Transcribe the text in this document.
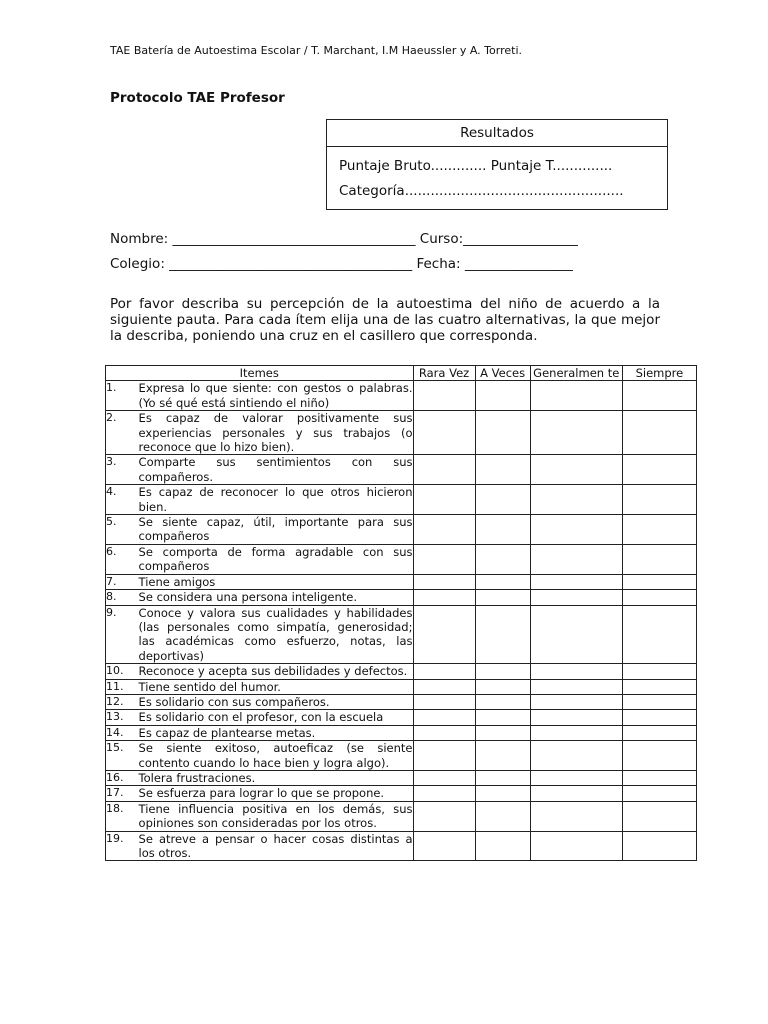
TAE Batería de Autoestima Escolar / T. Marchant, I.M Haeussler y A. Torreti.
Protocolo TAE Profesor
Resultados
Puntaje Bruto............. Puntaje T..............
Categoría...................................................
Nombre: ____________________________________ Curso:_________________
Colegio: ____________________________________ Fecha: ________________
Por favor describa su percepción de la autoestima del niño de acuerdo a la siguiente pauta. Para cada ítem elija una de las cuatro alternativas, la que mejor la describa, poniendo una cruz en el casillero que corresponda.
Itemes		Rara Vez	A Veces	Generalmen te	Siempre
1.	Expresa lo que siente: con gestos o palabras. (Yo sé qué está sintiendo el niño)				
2.	Es capaz de valorar positivamente sus experiencias personales y sus trabajos (o reconoce que lo hizo bien).				
3.	Comparte sus sentimientos con sus compañeros.				
4.	Es capaz de reconocer lo que otros hicieron bien.				
5.	Se siente capaz, útil, importante para sus compañeros				
6.	Se comporta de forma agradable con sus compañeros				
7.	Tiene amigos				
8.	Se considera una persona inteligente.				
9.	Conoce y valora sus cualidades y habilidades (las personales como simpatía, generosidad; las académicas como esfuerzo, notas, las deportivas)				
10.	Reconoce y acepta sus debilidades y defectos.				
11.	Tiene sentido del humor.				
12.	Es solidario con sus compañeros.				
13.	Es solidario con el profesor, con la escuela				
14.	Es capaz de plantearse metas.				
15.	Se siente exitoso, autoeficaz (se siente contento cuando lo hace bien y logra algo).				
16.	Tolera frustraciones.				
17.	Se esfuerza para lograr lo que se propone.				
18.	Tiene influencia positiva en los demás, sus opiniones son consideradas por los otros.				
19.	Se atreve a pensar o hacer cosas distintas a los otros.				
